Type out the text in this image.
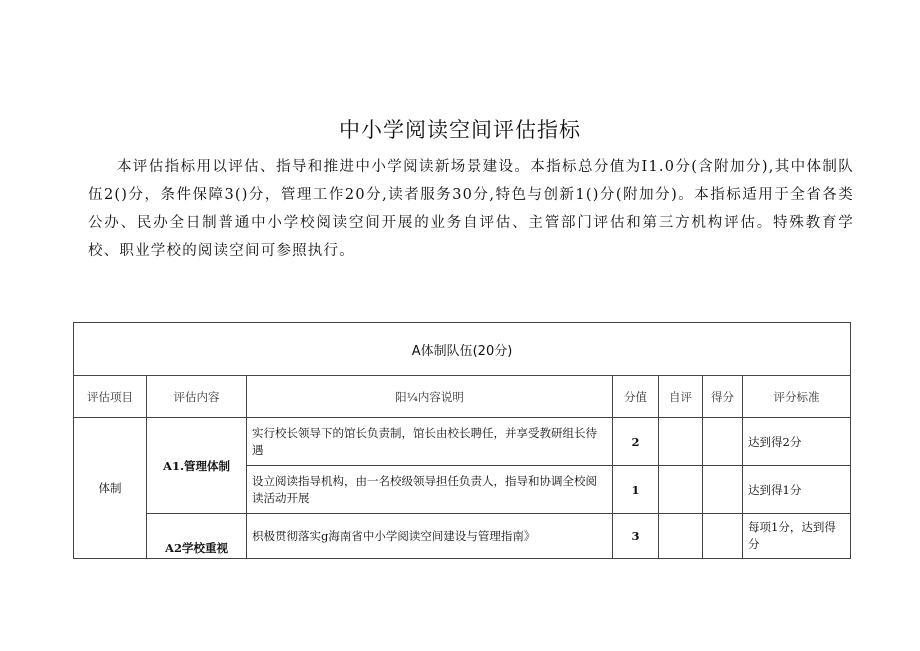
中小学阅读空间评估指标

本评估指标用以评估、指导和推进中小学阅读新场景建设。本指标总分值为I1.0分(含附加分),其中体制队伍2()分，条件保障3()分，管理工作20分,读者服务30分,特色与创新1()分(附加分)。本指标适用于全省各类公办、民办全日制普通中小学校阅读空间开展的业务自评估、主管部门评估和第三方机构评估。特殊教育学校、职业学校的阅读空间可参照执行。

A体制队伍(20分)						
评估项目	评估内容	阳¼内容说明	分值	自评	得分	评分标准
体制	A1.管理体制	实行校长领导下的馆长负责制，馆长由校长聘任，并享受教研组长待遇	2			达到得2分
		设立阅读指导机构，由一名校级领导担任负责人，指导和协调全校阅读活动开展	1			达到得1分
	A2学校重视	枳极贯彻落实g海南省中小学阅读空间建设与管理指南》	3			每项1分，达到得分
